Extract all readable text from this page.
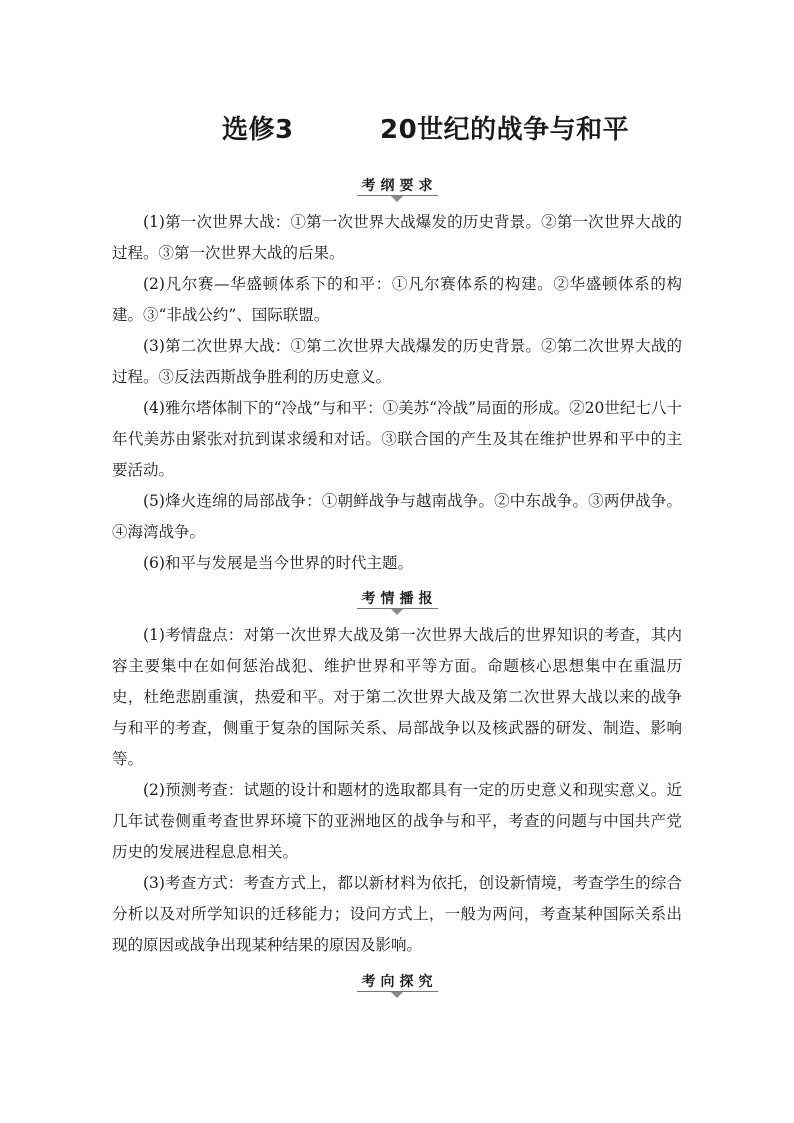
选修3	20世纪的战争与和平
考纲要求

(1)第一次世界大战：①第一次世界大战爆发的历史背景。②第一次世界大战的过程。③第一次世界大战的后果。

(2)凡尔赛—华盛顿体系下的和平：①凡尔赛体系的构建。②华盛顿体系的构建。③“非战公约”、国际联盟。

(3)第二次世界大战：①第二次世界大战爆发的历史背景。②第二次世界大战的过程。③反法西斯战争胜利的历史意义。

(4)雅尔塔体制下的“冷战”与和平：①美苏“冷战”局面的形成。②20世纪七八十年代美苏由紧张对抗到谋求缓和对话。③联合国的产生及其在维护世界和平中的主要活动。

(5)烽火连绵的局部战争：①朝鲜战争与越南战争。②中东战争。③两伊战争。④海湾战争。

(6)和平与发展是当今世界的时代主题。

考情播报

(1)考情盘点：对第一次世界大战及第一次世界大战后的世界知识的考查，其内容主要集中在如何惩治战犯、维护世界和平等方面。命题核心思想集中在重温历史，杜绝悲剧重演，热爱和平。对于第二次世界大战及第二次世界大战以来的战争与和平的考查，侧重于复杂的国际关系、局部战争以及核武器的研发、制造、影响等。

(2)预测考查：试题的设计和题材的选取都具有一定的历史意义和现实意义。近几年试卷侧重考查世界环境下的亚洲地区的战争与和平，考查的问题与中国共产党历史的发展进程息息相关。

(3)考查方式：考查方式上，都以新材料为依托，创设新情境，考查学生的综合分析以及对所学知识的迁移能力；设问方式上，一般为两问，考查某种国际关系出现的原因或战争出现某种结果的原因及影响。

考向探究
